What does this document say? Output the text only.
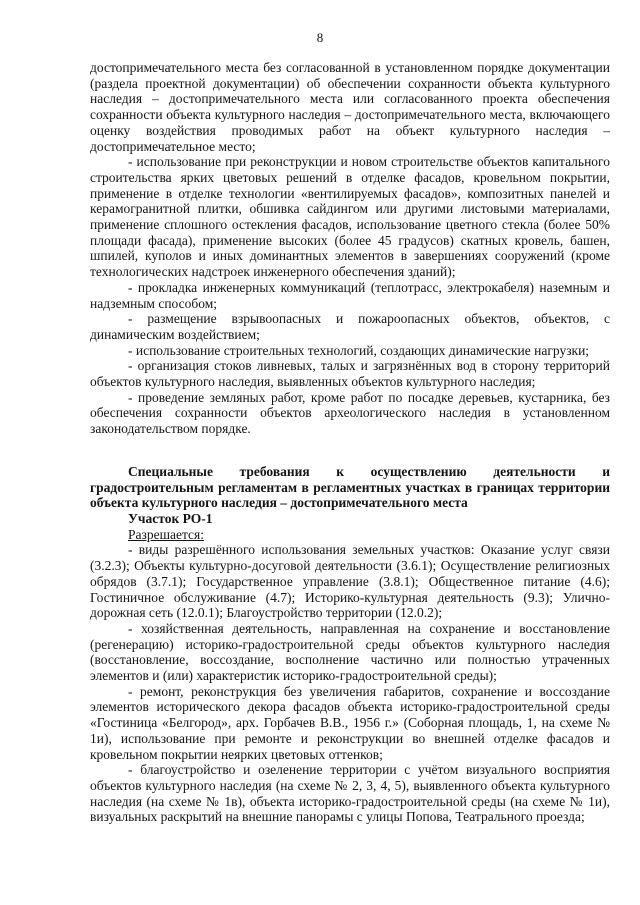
8

достопримечательного места без согласованной в установленном порядке документации (раздела проектной документации) об обеспечении сохранности объекта культурного наследия – достопримечательного места или согласованного проекта обеспечения сохранности объекта культурного наследия – достопримечательного места, включающего оценку воздействия проводимых работ на объект культурного наследия – достопримечательное место;

- использование при реконструкции и новом строительстве объектов капитального строительства ярких цветовых решений в отделке фасадов, кровельном покрытии, применение в отделке технологии «вентилируемых фасадов», композитных панелей и керамогранитной плитки, обшивка сайдингом или другими листовыми материалами, применение сплошного остекления фасадов, использование цветного стекла (более 50% площади фасада), применение высоких (более 45 градусов) скатных кровель, башен, шпилей, куполов и иных доминантных элементов в завершениях сооружений (кроме технологических надстроек инженерного обеспечения зданий);

- прокладка инженерных коммуникаций (теплотрасс, электрокабеля) наземным и надземным способом;

- размещение взрывоопасных и пожароопасных объектов, объектов, с динамическим воздействием;

- использование строительных технологий, создающих динамические нагрузки;

- организация стоков ливневых, талых и загрязнённых вод в сторону территорий объектов культурного наследия, выявленных объектов культурного наследия;

- проведение земляных работ, кроме работ по посадке деревьев, кустарника, без обеспечения сохранности объектов археологического наследия в установленном законодательством порядке.

Специальные требования к осуществлению деятельности и градостроительным регламентам в регламентных участках в границах территории объекта культурного наследия – достопримечательного места

Участок РО-1

Разрешается:

- виды разрешённого использования земельных участков: Оказание услуг связи (3.2.3); Объекты культурно-досуговой деятельности (3.6.1); Осуществление религиозных обрядов (3.7.1); Государственное управление (3.8.1); Общественное питание (4.6); Гостиничное обслуживание (4.7); Историко-культурная деятельность (9.3); Улично-дорожная сеть (12.0.1); Благоустройство территории (12.0.2);

- хозяйственная деятельность, направленная на сохранение и восстановление (регенерацию) историко-градостроительной среды объектов культурного наследия (восстановление, воссоздание, восполнение частично или полностью утраченных элементов и (или) характеристик историко-градостроительной среды);

- ремонт, реконструкция без увеличения габаритов, сохранение и воссоздание элементов исторического декора фасадов объекта историко-градостроительной среды «Гостиница «Белгород», арх. Горбачев В.В., 1956 г.» (Соборная площадь, 1, на схеме № 1и), использование при ремонте и реконструкции во внешней отделке фасадов и кровельном покрытии неярких цветовых оттенков;

- благоустройство и озеленение территории с учётом визуального восприятия объектов культурного наследия (на схеме № 2, 3, 4, 5), выявленного объекта культурного наследия (на схеме № 1в), объекта историко-градостроительной среды (на схеме № 1и), визуальных раскрытий на внешние панорамы с улицы Попова, Театрального проезда;
